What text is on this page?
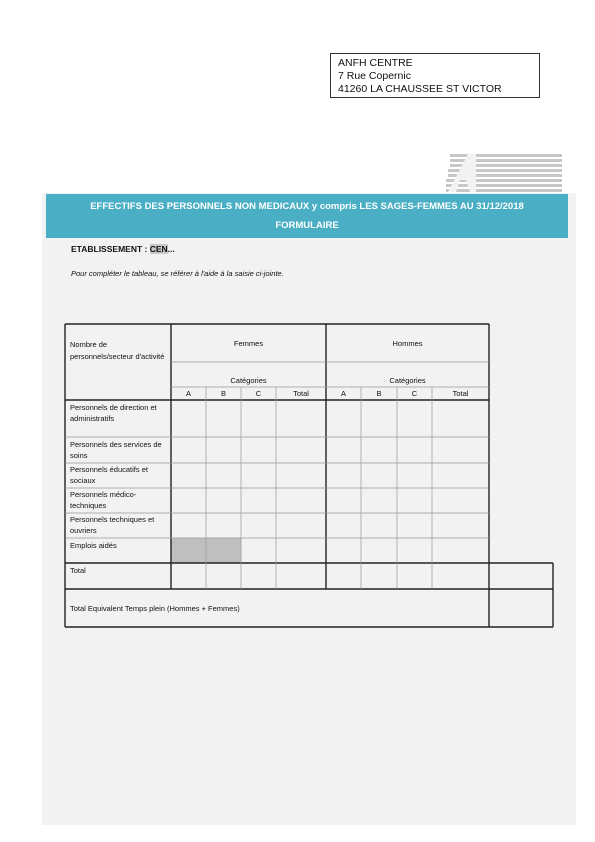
ANFH CENTRE
7 Rue Copernic
41260 LA CHAUSSEE ST VICTOR
EFFECTIFS DES PERSONNELS NON MEDICAUX y compris LES SAGES-FEMMES AU 31/12/2018
FORMULAIRE
ETABLISSEMENT : CEN...
Pour compléter le tableau, se référer à l'aide à la saisie ci-jointe.
Nombre de personnels/secteur d'activité
Femmes	Hommes
Catégories	Catégories
A	B	C	Total	A	B	C	Total
Personnels de direction et administratifs
Personnels des services de soins
Personnels éducatifs et sociaux
Personnels médico-techniques
Personnels techniques et ouvriers
Emplois aidés
Total
Total Equivalent Temps plein (Hommes + Femmes)
